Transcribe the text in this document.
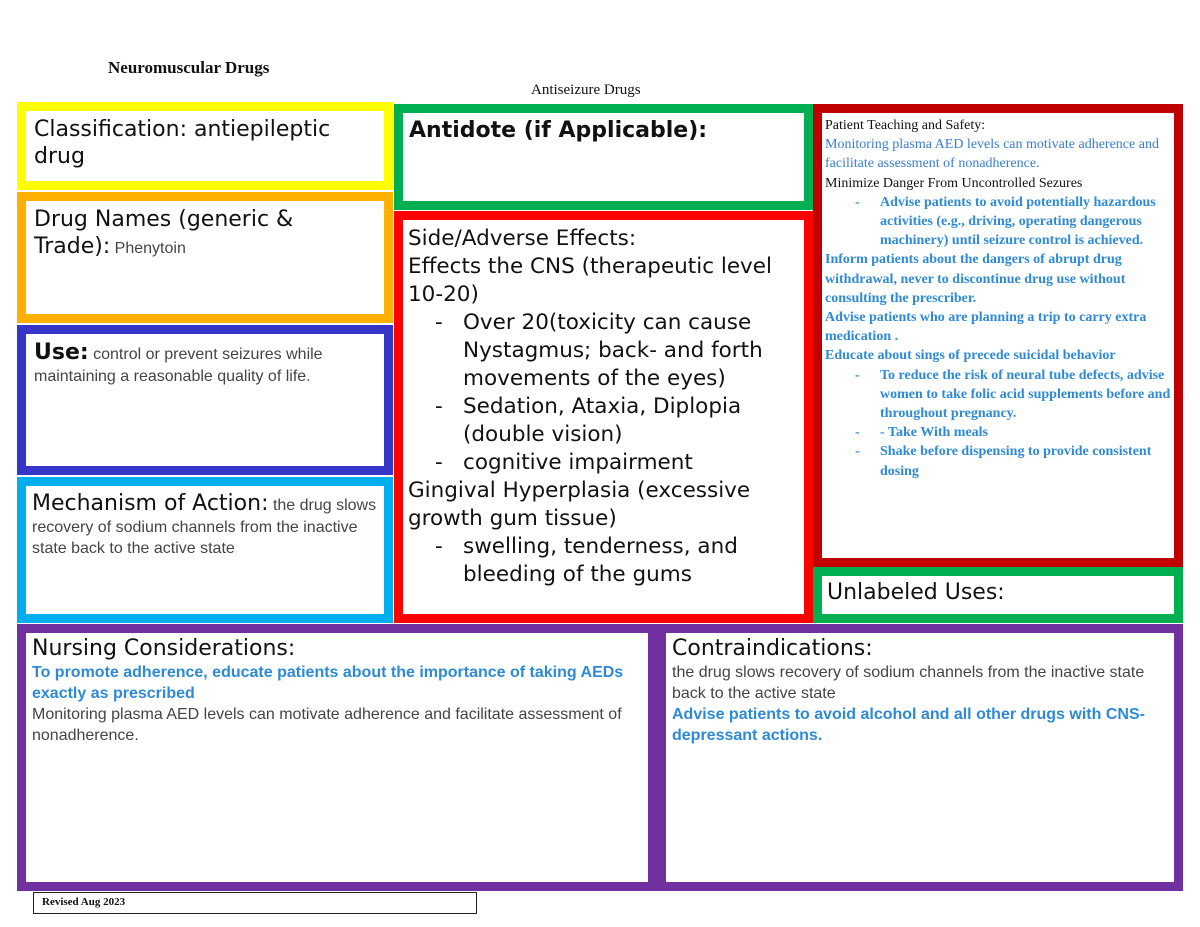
Neuromuscular Drugs
Antiseizure Drugs
Classification: antiepileptic drug
Drug Names (generic & Trade): Phenytoin
Use: control or prevent seizures while maintaining a reasonable quality of life.
Mechanism of Action: the drug slows recovery of sodium channels from the inactive state back to the active state
Antidote (if Applicable):
Side/Adverse Effects:
Effects the CNS (therapeutic level 10-20)
- Over 20(toxicity can cause Nystagmus; back- and forth movements of the eyes)
- Sedation, Ataxia, Diplopia (double vision)
- cognitive impairment
Gingival Hyperplasia (excessive growth gum tissue)
- swelling, tenderness, and bleeding of the gums
Patient Teaching and Safety:
Monitoring plasma AED levels can motivate adherence and facilitate assessment of nonadherence.
Minimize Danger From Uncontrolled Sezures
- Advise patients to avoid potentially hazardous activities (e.g., driving, operating dangerous machinery) until seizure control is achieved.
Inform patients about the dangers of abrupt drug withdrawal, never to discontinue drug use without consulting the prescriber.
Advise patients who are planning a trip to carry extra medication .
Educate about sings of precede suicidal behavior
- To reduce the risk of neural tube defects, advise women to take folic acid supplements before and throughout pregnancy.
- - Take With meals
- Shake before dispensing to provide consistent dosing
Unlabeled Uses:
Nursing Considerations:
To promote adherence, educate patients about the importance of taking AEDs exactly as prescribed
Monitoring plasma AED levels can motivate adherence and facilitate assessment of nonadherence.
Contraindications:
the drug slows recovery of sodium channels from the inactive state back to the active state
Advise patients to avoid alcohol and all other drugs with CNS-depressant actions.
Revised Aug 2023
